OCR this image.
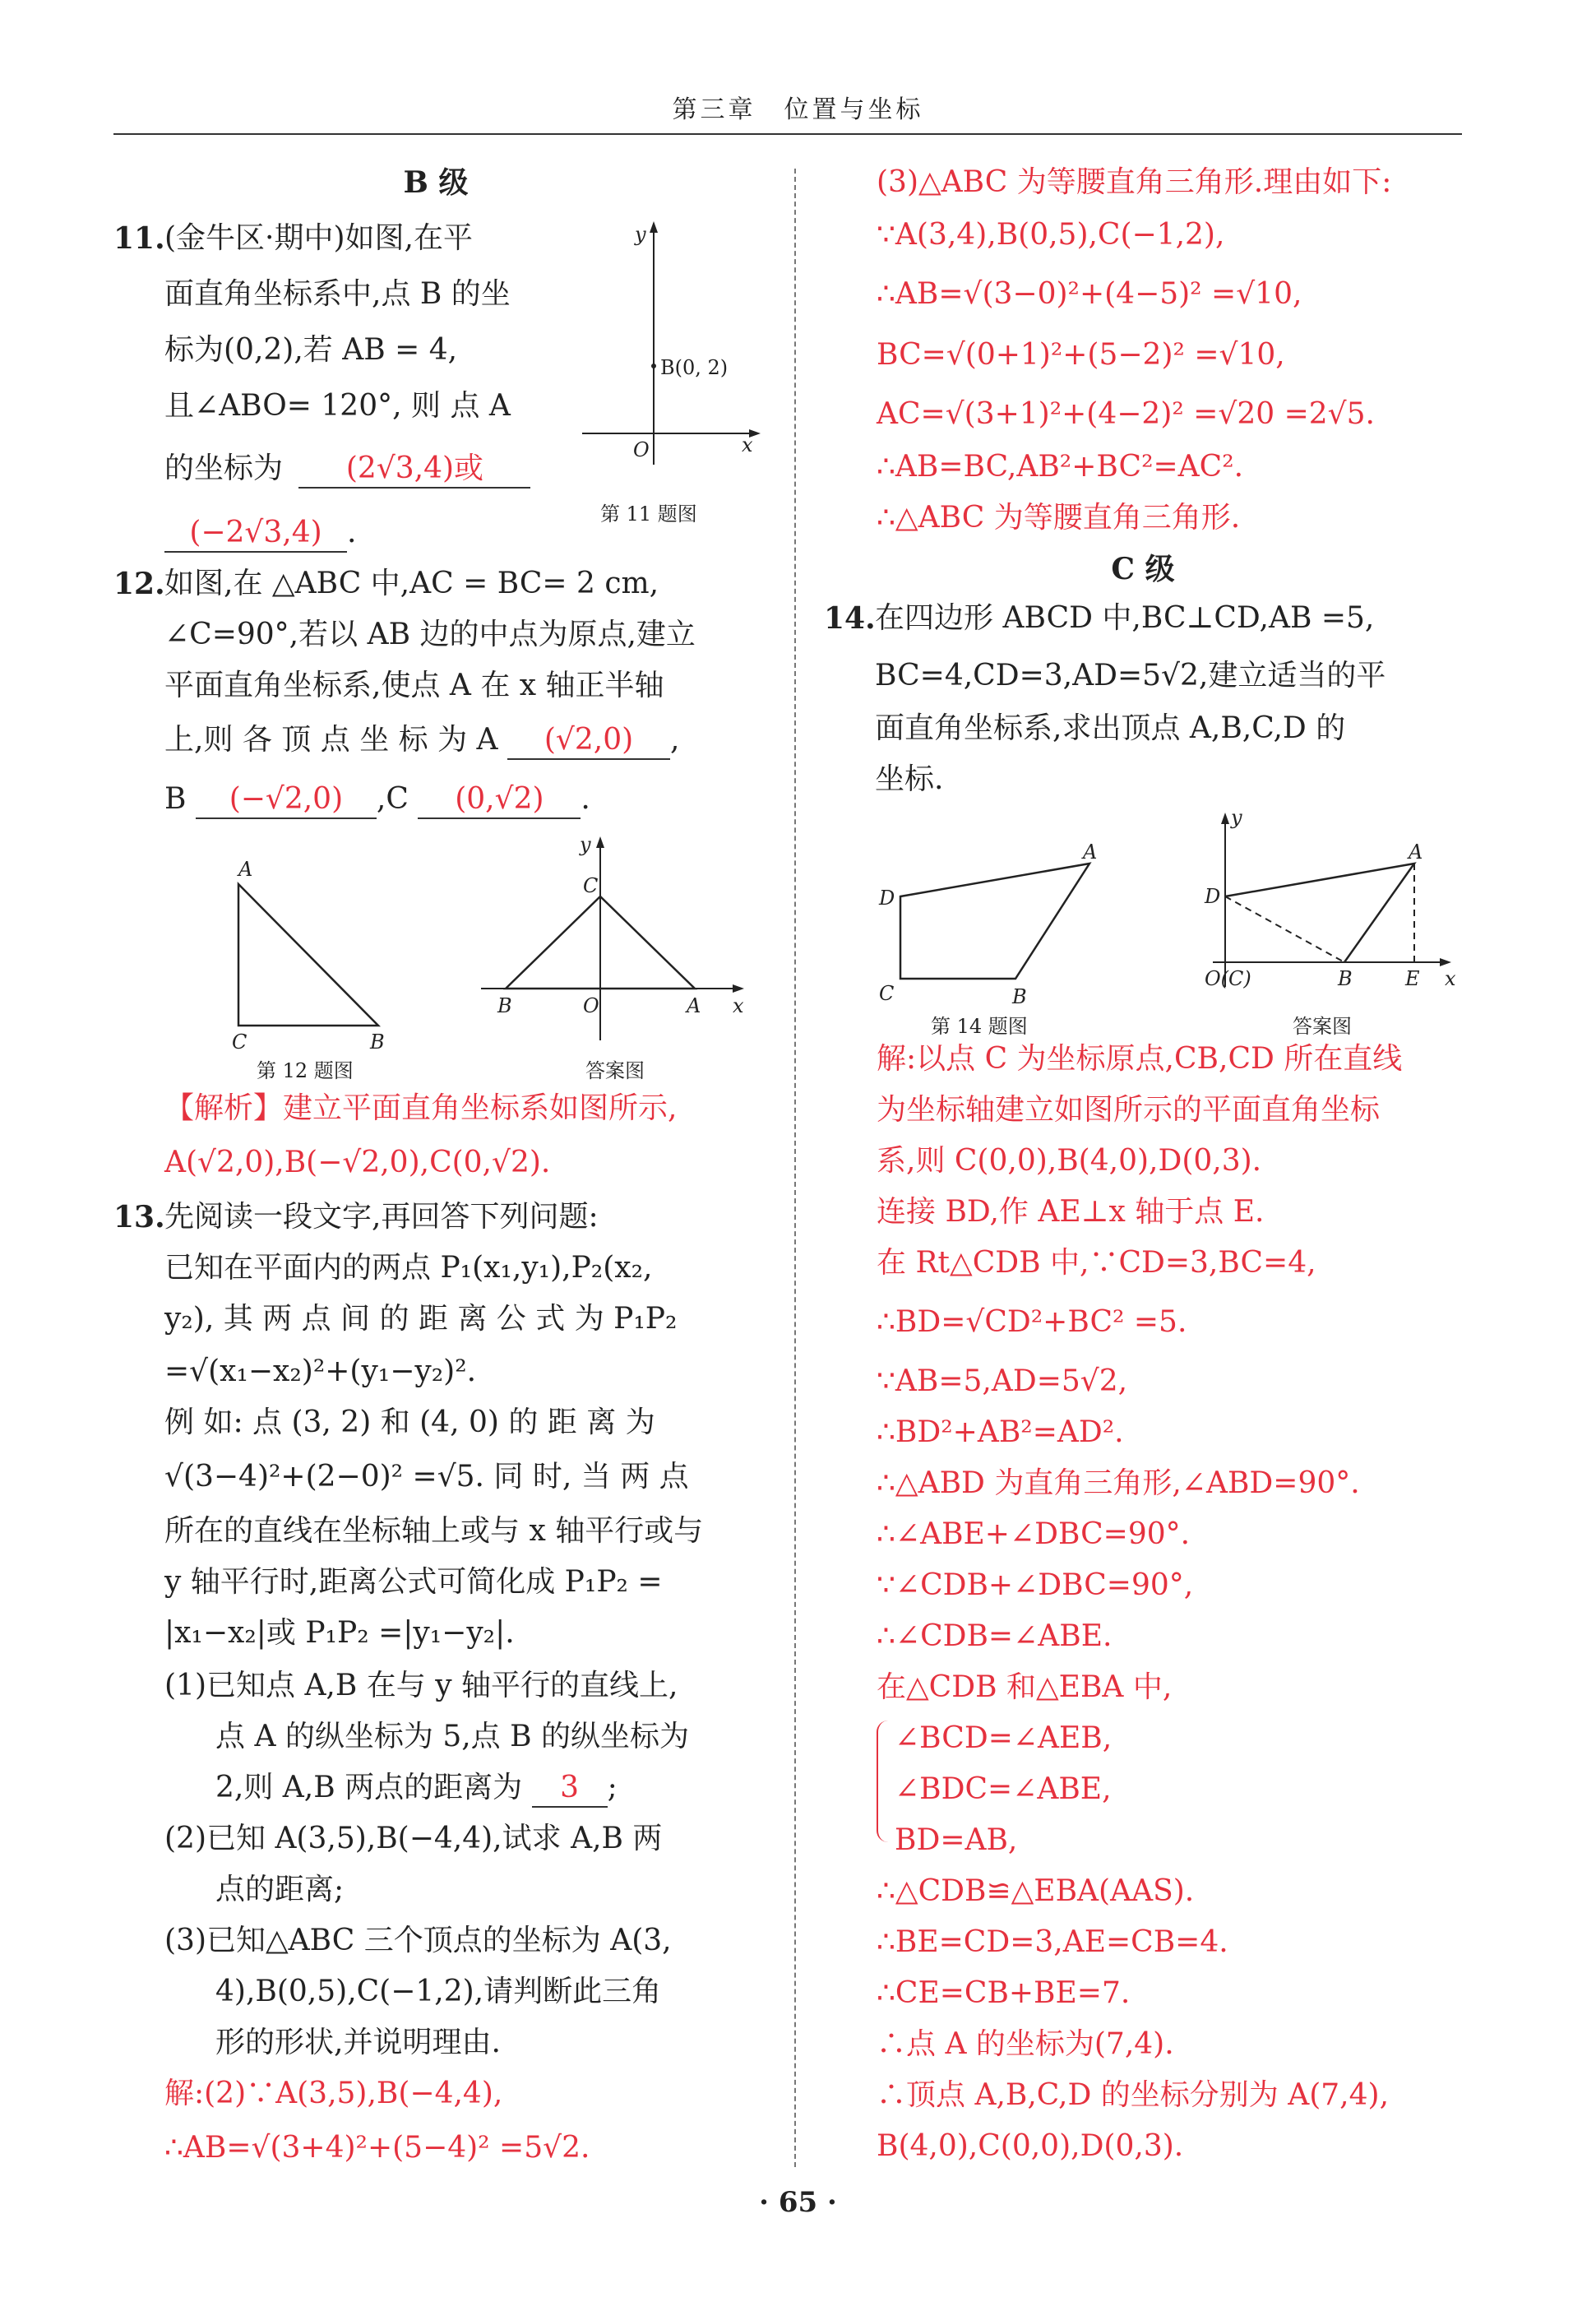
第三章　位置与坐标
B 级
11. (金牛区·期中)如图,在平
面直角坐标系中,点 B 的坐
标为(0,2),若 AB = 4,
且∠ABO= 120°, 则 点 A
的坐标为 (2√3,4)或
(−2√3,4) .
B(0, 2)
O	x
y
第 11 题图
12. 如图,在 △ABC 中,AC = BC= 2 cm,
∠C=90°,若以 AB 边的中点为原点,建立
平面直角坐标系,使点 A 在 x 轴正半轴
上,则 各 顶 点 坐 标 为 A (√2,0) ,
B (−√2,0) ,C (0,√2) .
A
C	B
第 12 题图
y
C
B	O	A x
答案图
【解析】建立平面直角坐标系如图所示,
A(√2,0),B(−√2,0),C(0,√2).
13. 先阅读一段文字,再回答下列问题:
已知在平面内的两点 P₁(x₁,y₁),P₂(x₂,
y₂), 其 两 点 间 的 距 离 公 式 为 P₁P₂
=√(x₁−x₂)²+(y₁−y₂)².
例 如: 点 (3, 2) 和 (4, 0) 的 距 离 为
√(3−4)²+(2−0)² =√5. 同 时, 当 两 点
所在的直线在坐标轴上或与 x 轴平行或与
y 轴平行时,距离公式可简化成 P₁P₂ =
|x₁−x₂|或 P₁P₂ =|y₁−y₂|.
(1)已知点 A,B 在与 y 轴平行的直线上,
点 A 的纵坐标为 5,点 B 的纵坐标为
2,则 A,B 两点的距离为 3 ;
(2)已知 A(3,5),B(−4,4),试求 A,B 两
点的距离;
(3)已知△ABC 三个顶点的坐标为 A(3,
4),B(0,5),C(−1,2),请判断此三角
形的形状,并说明理由.
解:(2)∵A(3,5),B(−4,4),
∴AB=√(3+4)²+(5−4)² =5√2.
(3)△ABC 为等腰直角三角形.理由如下:
∵A(3,4),B(0,5),C(−1,2),
∴AB=√(3−0)²+(4−5)² =√10,
BC=√(0+1)²+(5−2)² =√10,
AC=√(3+1)²+(4−2)² =√20 =2√5.
∴AB=BC,AB²+BC²=AC².
∴△ABC 为等腰直角三角形.
C 级
14. 在四边形 ABCD 中,BC⊥CD,AB =5,
BC=4,CD=3,AD=5√2,建立适当的平
面直角坐标系,求出顶点 A,B,C,D 的
坐标.
D
A
C	B
第 14 题图
y
D
A
O(C)	B	E x
答案图
解:以点 C 为坐标原点,CB,CD 所在直线
为坐标轴建立如图所示的平面直角坐标
系,则 C(0,0),B(4,0),D(0,3).
连接 BD,作 AE⊥x 轴于点 E.
在 Rt△CDB 中,∵CD=3,BC=4,
∴BD=√CD²+BC² =5.
∵AB=5,AD=5√2,
∴BD²+AB²=AD².
∴△ABD 为直角三角形,∠ABD=90°.
∴∠ABE+∠DBC=90°.
∵∠CDB+∠DBC=90°,
∴∠CDB=∠ABE.
在△CDB 和△EBA 中,
∠BCD=∠AEB,
∠BDC=∠ABE,
BD=AB,
∴△CDB≌△EBA(AAS).
∴BE=CD=3,AE=CB=4.
∴CE=CB+BE=7.
∴点 A 的坐标为(7,4).
∴顶点 A,B,C,D 的坐标分别为 A(7,4),
B(4,0),C(0,0),D(0,3).
· 65 ·
